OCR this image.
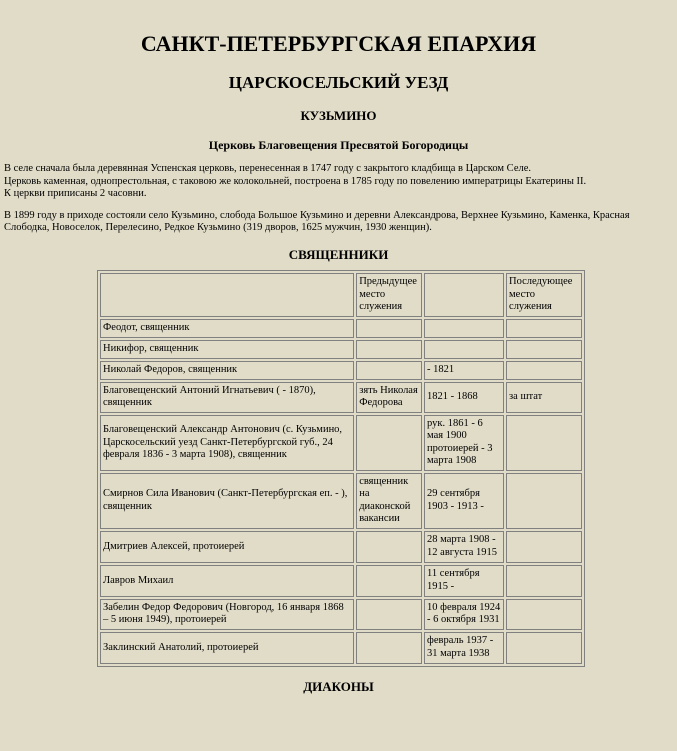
САНКТ-ПЕТЕРБУРГСКАЯ ЕПАРХИЯ
ЦАРСКОСЕЛЬСКИЙ УЕЗД
КУЗЬМИНО
Церковь Благовещения Пресвятой Богородицы

В селе сначала была деревянная Успенская церковь, перенесенная в 1747 году с закрытого кладбища в Царском Селе.
Церковь каменная, однопрестольная, с таковою же колокольней, построена в 1785 году по повелению императрицы Екатерины II.
К церкви приписаны 2 часовни.

В 1899 году в приходе состояли село Кузьмино, слобода Большое Кузьмино и деревни Александрова, Верхнее Кузьмино, Каменка, Красная Слободка, Новоселок, Перелесино, Редкое Кузьмино (319 дворов, 1625 мужчин, 1930 женщин).

СВЯЩЕННИКИ
	Предыдущее место служения		Последующее место служения
Феодот, священник			
Никифор, священник			
Николай Федоров, священник		- 1821	
Благовещенский Антоний Игнатьевич ( - 1870), священник	зять Николая Федорова	1821 - 1868	за штат
Благовещенский Александр Антонович (с. Кузьмино, Царскосельский уезд Санкт-Петербургской губ., 24 февраля 1836 - 3 марта 1908), священник		рук. 1861 - 6 мая 1900 протоиерей - 3 марта 1908	
Смирнов Сила Иванович (Санкт-Петербургская еп. - ), священник	священник на диаконской вакансии	29 сентября 1903 - 1913 -	
Дмитриев Алексей, протоиерей		28 марта 1908 - 12 августа 1915	
Лавров Михаил		11 сентября 1915 -	
Забелин Федор Федорович (Новгород, 16 января 1868 – 5 июня 1949), протоиерей		10 февраля 1924 - 6 октября 1931	
Заклинский Анатолий, протоиерей		февраль 1937 - 31 марта 1938	
ДИАКОНЫ
